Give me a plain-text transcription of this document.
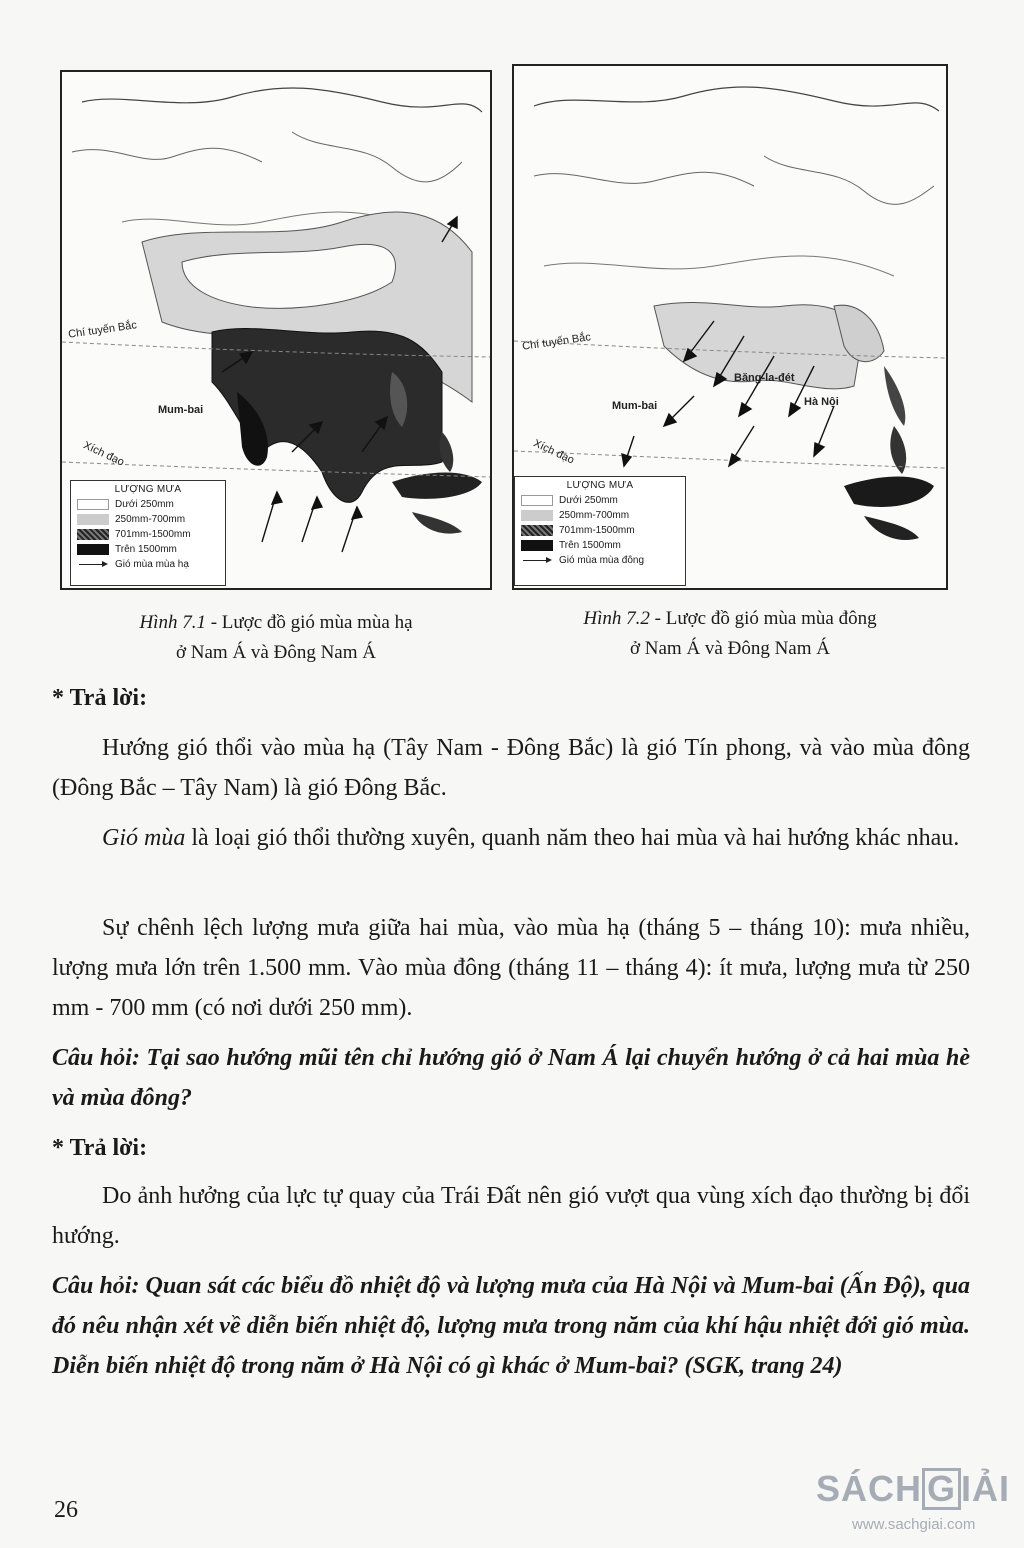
Chí tuyến Bắc
Mum-bai
Xích đạo
LƯỢNG MƯA
Dưới 250mm
250mm-700mm
701mm-1500mm
Trên 1500mm
Gió mùa mùa hạ
Hình 7.1 - Lược đồ gió mùa mùa hạ
ở Nam Á và Đông Nam Á
Chí tuyến Bắc
Băng-la-đét
Mum-bai	Hà Nội
Xích đạo
LƯỢNG MƯA
Dưới 250mm
250mm-700mm
701mm-1500mm
Trên 1500mm
Gió mùa mùa đông
Hình 7.2 - Lược đồ gió mùa mùa đông
ở Nam Á và Đông Nam Á
* Trả lời:
Hướng gió thổi vào mùa hạ (Tây Nam - Đông Bắc) là gió Tín phong, và vào mùa đông (Đông Bắc – Tây Nam) là gió Đông Bắc.
Gió mùa là loại gió thổi thường xuyên, quanh năm theo hai mùa và hai hướng khác nhau.
Sự chênh lệch lượng mưa giữa hai mùa, vào mùa hạ (tháng 5 – tháng 10): mưa nhiều, lượng mưa lớn trên 1.500 mm. Vào mùa đông (tháng 11 – tháng 4): ít mưa, lượng mưa từ 250 mm - 700 mm (có nơi dưới 250 mm).
Câu hỏi: Tại sao hướng mũi tên chỉ hướng gió ở Nam Á lại chuyển hướng ở cả hai mùa hè và mùa đông?
* Trả lời:
Do ảnh hưởng của lực tự quay của Trái Đất nên gió vượt qua vùng xích đạo thường bị đổi hướng.
Câu hỏi: Quan sát các biểu đồ nhiệt độ và lượng mưa của Hà Nội và Mum-bai (Ấn Độ), qua đó nêu nhận xét về diễn biến nhiệt độ, lượng mưa trong năm của khí hậu nhiệt đới gió mùa. Diễn biến nhiệt độ trong năm ở Hà Nội có gì khác ở Mum-bai? (SGK, trang 24)
26
SÁCH G IẢI
www.sachgiai.com
